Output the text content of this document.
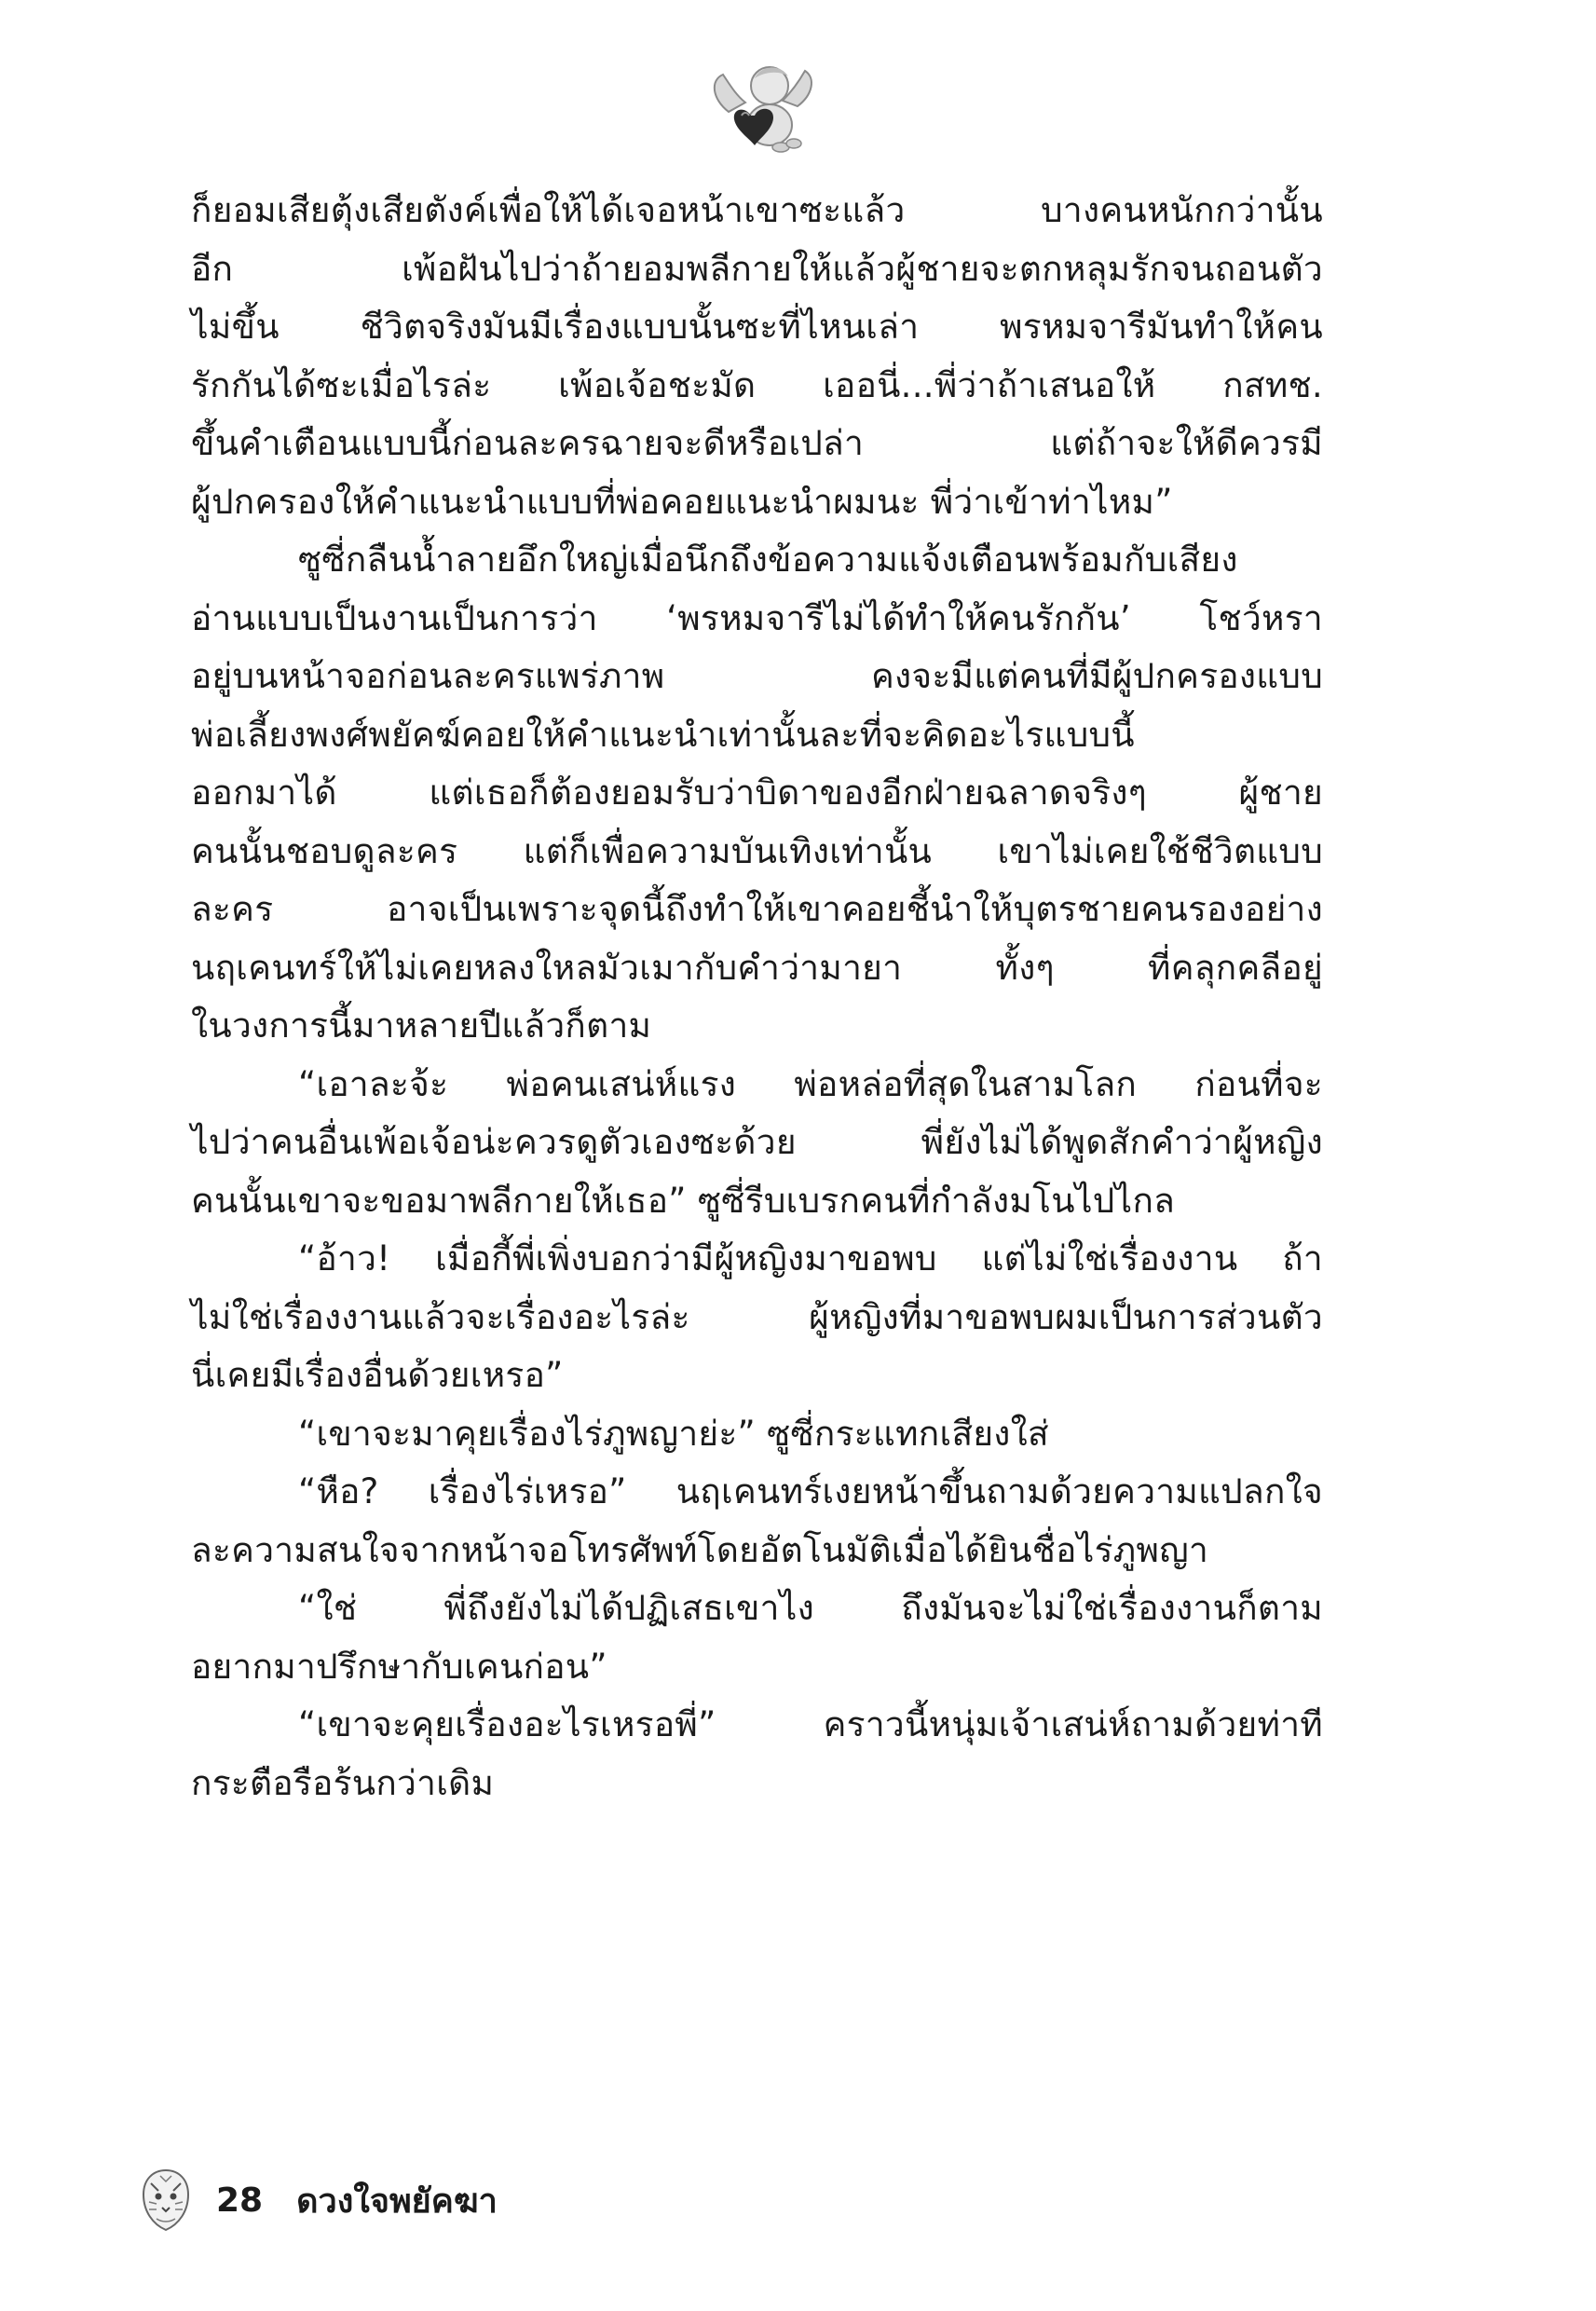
ก็ยอมเสียตุ้งเสียตังค์เพื่อให้ได้เจอหน้าเขาซะแล้ว บางคนหนักกว่านั้น
อีก เพ้อฝันไปว่าถ้ายอมพลีกายให้แล้วผู้ชายจะตกหลุมรักจนถอนตัว
ไม่ขึ้น ชีวิตจริงมันมีเรื่องแบบนั้นซะที่ไหนเล่า พรหมจารีมันทำให้คน
รักกันได้ซะเมื่อไรล่ะ เพ้อเจ้อชะมัด เออนี่...พี่ว่าถ้าเสนอให้ กสทช.
ขึ้นคำเตือนแบบนี้ก่อนละครฉายจะดีหรือเปล่า แต่ถ้าจะให้ดีควรมี
ผู้ปกครองให้คำแนะนำแบบที่พ่อคอยแนะนำผมนะ พี่ว่าเข้าท่าไหม”
ซูซี่กลืนน้ำลายอึกใหญ่เมื่อนึกถึงข้อความแจ้งเตือนพร้อมกับเสียง
อ่านแบบเป็นงานเป็นการว่า ‘พรหมจารีไม่ได้ทำให้คนรักกัน’ โชว์หรา
อยู่บนหน้าจอก่อนละครแพร่ภาพ คงจะมีแต่คนที่มีผู้ปกครองแบบ
พ่อเลี้ยงพงศ์พยัคฆ์คอยให้คำแนะนำเท่านั้นละที่จะคิดอะไรแบบนี้
ออกมาได้ แต่เธอก็ต้องยอมรับว่าบิดาของอีกฝ่ายฉลาดจริงๆ ผู้ชาย
คนนั้นชอบดูละคร แต่ก็เพื่อความบันเทิงเท่านั้น เขาไม่เคยใช้ชีวิตแบบ
ละคร อาจเป็นเพราะจุดนี้ถึงทำให้เขาคอยชี้นำให้บุตรชายคนรองอย่าง
นฤเคนทร์ให้ไม่เคยหลงใหลมัวเมากับคำว่ามายา ทั้งๆ ที่คลุกคลีอยู่
ในวงการนี้มาหลายปีแล้วก็ตาม
“เอาละจ้ะ พ่อคนเสน่ห์แรง พ่อหล่อที่สุดในสามโลก ก่อนที่จะ
ไปว่าคนอื่นเพ้อเจ้อน่ะควรดูตัวเองซะด้วย พี่ยังไม่ได้พูดสักคำว่าผู้หญิง
คนนั้นเขาจะขอมาพลีกายให้เธอ” ซูซี่รีบเบรกคนที่กำลังมโนไปไกล
“อ้าว! เมื่อกี้พี่เพิ่งบอกว่ามีผู้หญิงมาขอพบ แต่ไม่ใช่เรื่องงาน ถ้า
ไม่ใช่เรื่องงานแล้วจะเรื่องอะไรล่ะ ผู้หญิงที่มาขอพบผมเป็นการส่วนตัว
นี่เคยมีเรื่องอื่นด้วยเหรอ”
“เขาจะมาคุยเรื่องไร่ภูพญาย่ะ” ซูซี่กระแทกเสียงใส่
“หือ? เรื่องไร่เหรอ” นฤเคนทร์เงยหน้าขึ้นถามด้วยความแปลกใจ
ละความสนใจจากหน้าจอโทรศัพท์โดยอัตโนมัติเมื่อได้ยินชื่อไร่ภูพญา
“ใช่ พี่ถึงยังไม่ได้ปฏิเสธเขาไง ถึงมันจะไม่ใช่เรื่องงานก็ตาม
อยากมาปรึกษากับเคนก่อน”
“เขาจะคุยเรื่องอะไรเหรอพี่” คราวนี้หนุ่มเจ้าเสน่ห์ถามด้วยท่าที
กระตือรือร้นกว่าเดิม
28 ดวงใจพยัคฆา
